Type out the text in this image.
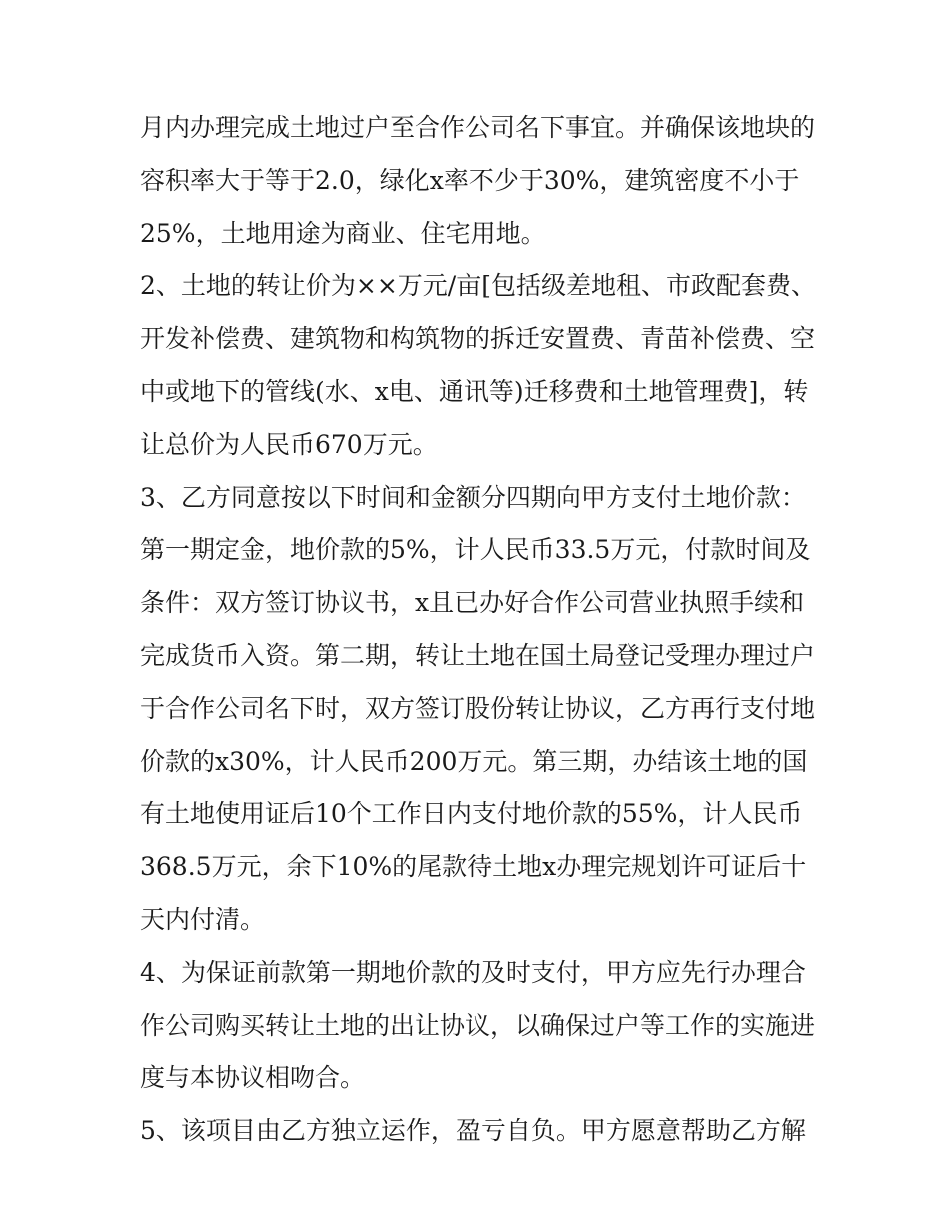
月内办理完成土地过户至合作公司名下事宜。并确保该地块的
容积率大于等于2.0，绿化x率不少于30%，建筑密度不小于
25%，土地用途为商业、住宅用地。
2、土地的转让价为××万元/亩[包括级差地租、市政配套费、
开发补偿费、建筑物和构筑物的拆迁安置费、青苗补偿费、空
中或地下的管线(水、x电、通讯等)迁移费和土地管理费]，转
让总价为人民币670万元。
3、乙方同意按以下时间和金额分四期向甲方支付土地价款：
第一期定金，地价款的5%，计人民币33.5万元，付款时间及
条件：双方签订协议书，x且已办好合作公司营业执照手续和
完成货币入资。第二期，转让土地在国土局登记受理办理过户
于合作公司名下时，双方签订股份转让协议，乙方再行支付地
价款的x30%，计人民币200万元。第三期，办结该土地的国
有土地使用证后10个工作日内支付地价款的55%，计人民币
368.5万元，余下10%的尾款待土地x办理完规划许可证后十
天内付清。
4、为保证前款第一期地价款的及时支付，甲方应先行办理合
作公司购买转让土地的出让协议，以确保过户等工作的实施进
度与本协议相吻合。
5、该项目由乙方独立运作，盈亏自负。甲方愿意帮助乙方解
